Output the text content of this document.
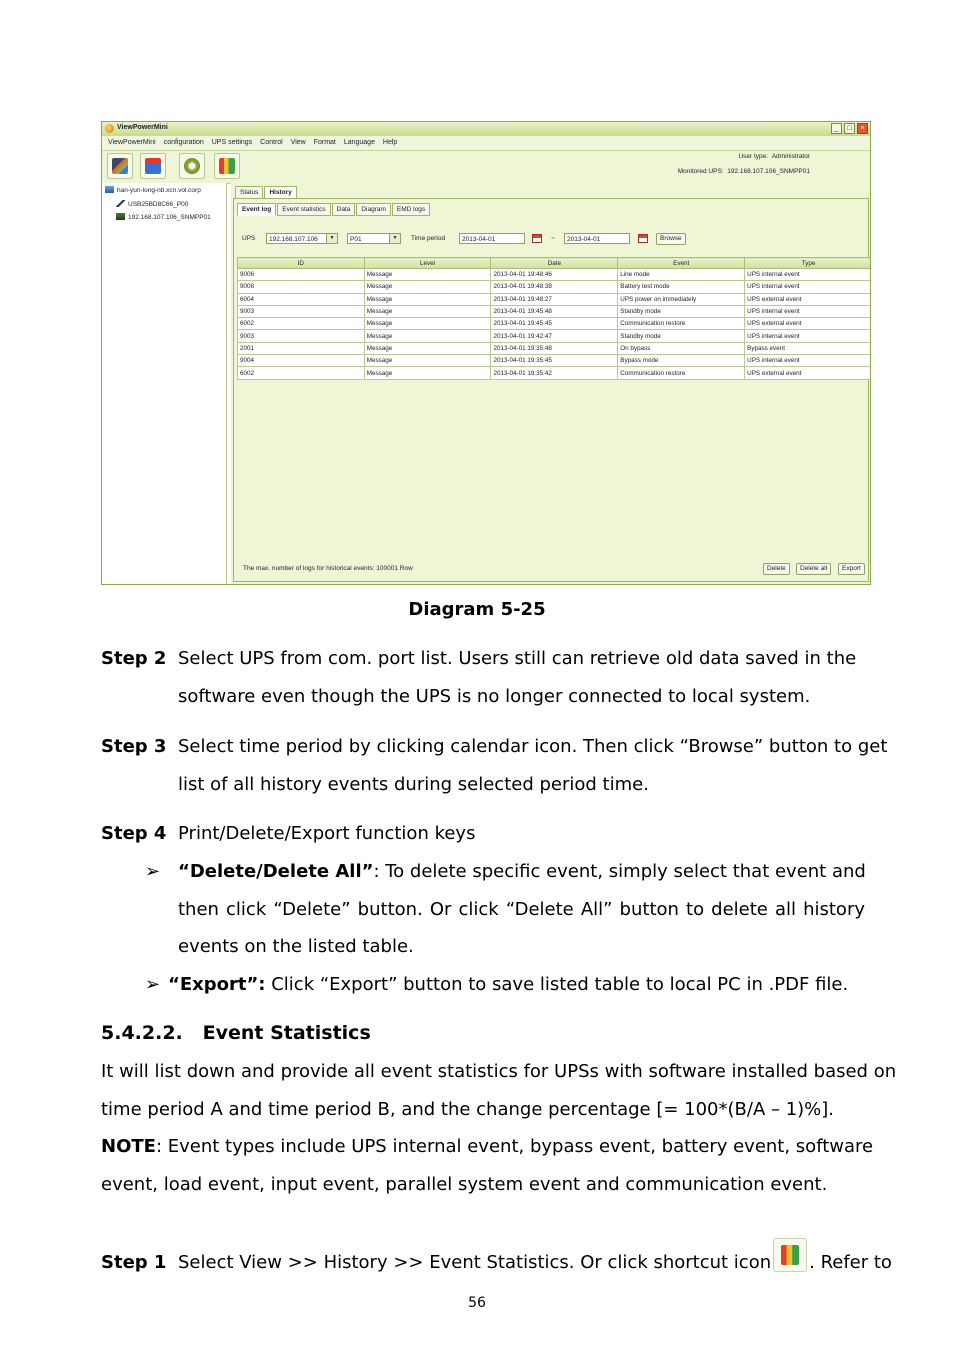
ViewPowerMini	_	□	×
ViewPowerMini configuration UPS settings Control View Format Language Help
User type: Administrator
Monitored UPS: 192.168.107.106_SNMPP01
han-yun-long-nb.xcn.vol.corp
USB25BD8C66_P00
192.168.107.106_SNMPP01
Status History
Event log Event statistics Data Diagram EMD logs
UPS	192.168.107.106	▼	P01	▼	Time period	2013-04-01	~	2013-04-01	Browse
ID	Level	Date	Event	Type
9006	Message	2013-04-01 19:48:46	Line mode	UPS internal event
9008	Message	2013-04-01 19:48:38	Battery test mode	UPS internal event
6004	Message	2013-04-01 19:48:27	UPS power on immediately	UPS external event
9003	Message	2013-04-01 19:45:48	Standby mode	UPS internal event
6002	Message	2013-04-01 19:45:45	Communication restore	UPS external event
9003	Message	2013-04-01 19:42:47	Standby mode	UPS internal event
2001	Message	2013-04-01 19:35:48	On bypass	Bypass event
9004	Message	2013-04-01 19:35:45	Bypass mode	UPS internal event
6002	Message	2013-04-01 19:35:42	Communication restore	UPS external event
The max. number of logs for historical events: 100001 Row	Delete	Delete all	Export
Diagram 5-25
Step 2 Select UPS from com. port list. Users still can retrieve old data saved in the
software even though the UPS is no longer connected to local system.
Step 3 Select time period by clicking calendar icon. Then click “Browse” button to get
list of all history events during selected period time.
Step 4 Print/Delete/Export function keys
➢ “Delete/Delete All”: To delete specific event, simply select that event and
then click “Delete” button. Or click “Delete All” button to delete all history
events on the listed table.
➢ “Export”: Click “Export” button to save listed table to local PC in .PDF file.
5.4.2.2. Event Statistics
It will list down and provide all event statistics for UPSs with software installed based on
time period A and time period B, and the change percentage [= 100*(B/A – 1)%].
NOTE: Event types include UPS internal event, bypass event, battery event, software
event, load event, input event, parallel system event and communication event.
Step 1 Select View >> History >> Event Statistics. Or click shortcut icon . Refer to
56
